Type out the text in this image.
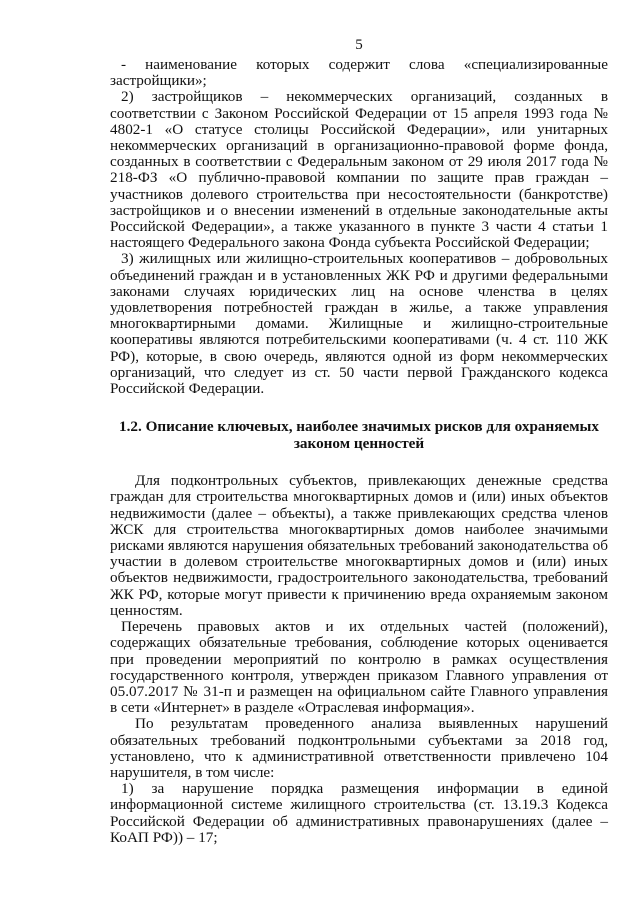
5

- наименование которых содержит слова «специализированные застройщики»;

2) застройщиков – некоммерческих организаций, созданных в соответствии с Законом Российской Федерации от 15 апреля 1993 года № 4802-1 «О статусе столицы Российской Федерации», или унитарных некоммерческих организаций в организационно-правовой форме фонда, созданных в соответствии с Федеральным законом от 29 июля 2017 года № 218-ФЗ «О публично-правовой компании по защите прав граждан – участников долевого строительства при несостоятельности (банкротстве) застройщиков и о внесении изменений в отдельные законодательные акты Российской Федерации», а также указанного в пункте 3 части 4 статьи 1 настоящего Федерального закона Фонда субъекта Российской Федерации;

3) жилищных или жилищно-строительных кооперативов – добровольных объединений граждан и в установленных ЖК РФ и другими федеральными законами случаях юридических лиц на основе членства в целях удовлетворения потребностей граждан в жилье, а также управления многоквартирными домами. Жилищные и жилищно-строительные кооперативы являются потребительскими кооперативами (ч. 4 ст. 110 ЖК РФ), которые, в свою очередь, являются одной из форм некоммерческих организаций, что следует из ст. 50 части первой Гражданского кодекса Российской Федерации.

1.2. Описание ключевых, наиболее значимых рисков для охраняемых законом ценностей

Для подконтрольных субъектов, привлекающих денежные средства граждан для строительства многоквартирных домов и (или) иных объектов недвижимости (далее – объекты), а также привлекающих средства членов ЖСК для строительства многоквартирных домов наиболее значимыми рисками являются нарушения обязательных требований законодательства об участии в долевом строительстве многоквартирных домов и (или) иных объектов недвижимости, градостроительного законодательства, требований ЖК РФ, которые могут привести к причинению вреда охраняемым законом ценностям.

Перечень правовых актов и их отдельных частей (положений), содержащих обязательные требования, соблюдение которых оценивается при проведении мероприятий по контролю в рамках осуществления государственного контроля, утвержден приказом Главного управления от 05.07.2017 № 31-п и размещен на официальном сайте Главного управления в сети «Интернет» в разделе «Отраслевая информация».

По результатам проведенного анализа выявленных нарушений обязательных требований подконтрольными субъектами за 2018 год, установлено, что к административной ответственности привлечено 104 нарушителя, в том числе:

1) за нарушение порядка размещения информации в единой информационной системе жилищного строительства (ст. 13.19.3 Кодекса Российской Федерации об административных правонарушениях (далее – КоАП РФ)) – 17;
